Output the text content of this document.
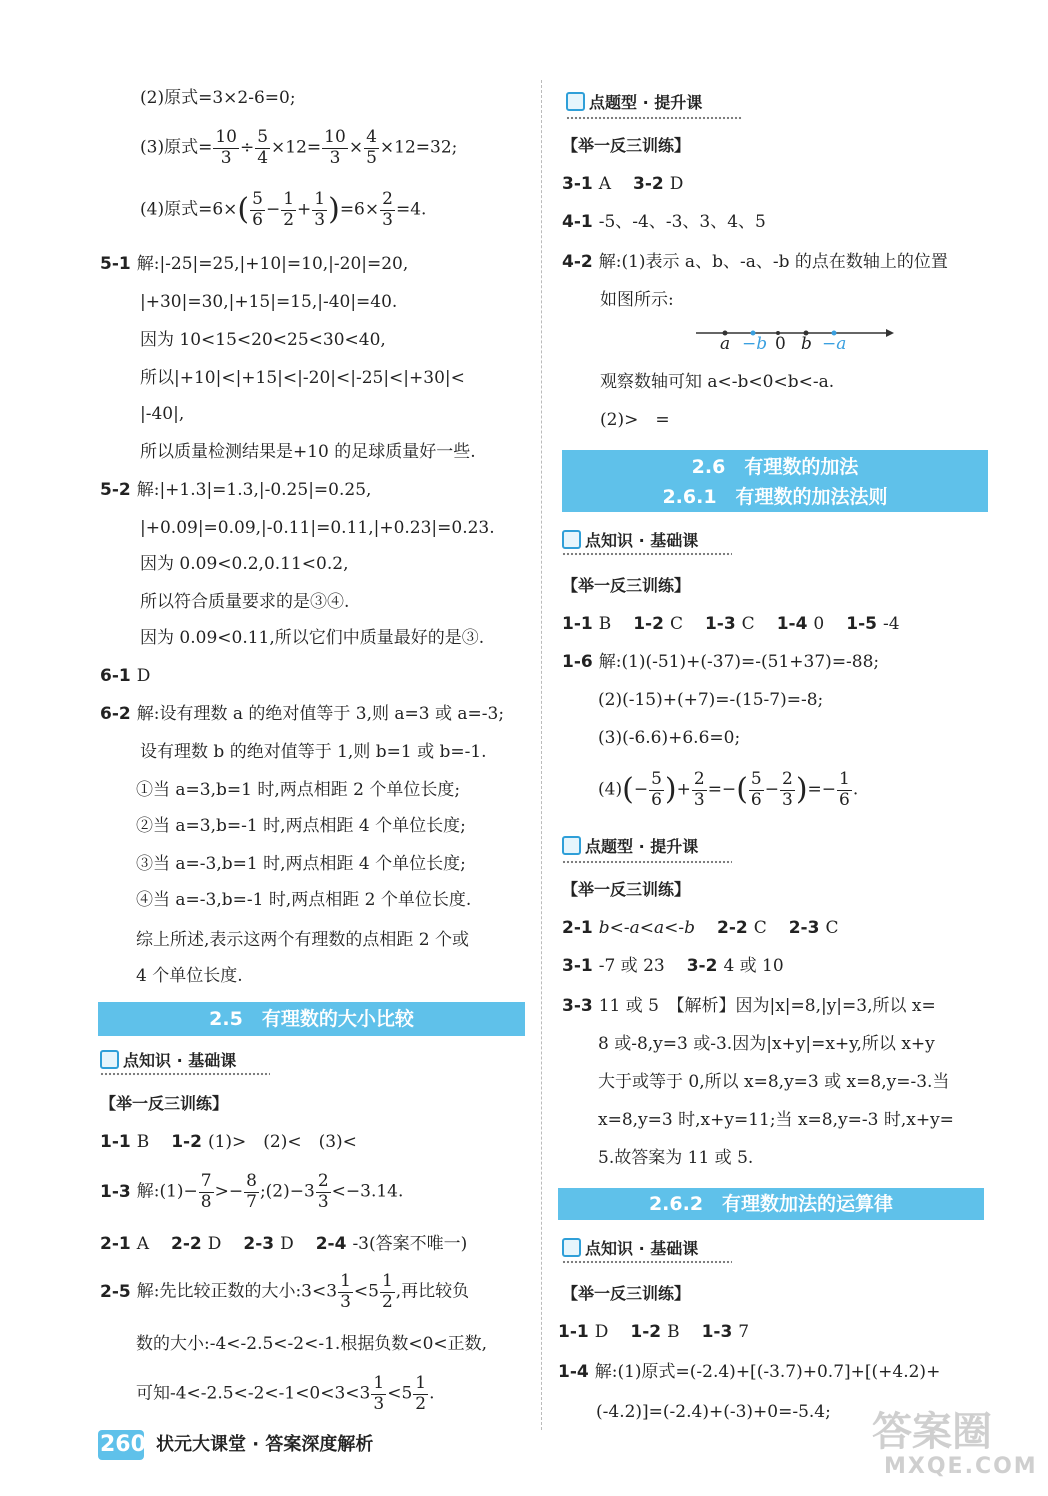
(2)原式=3×2-6=0;
(3)原式= $\frac{10}{3} \div \frac{5}{4} \times 12= \frac{10}{3} \times \frac{4}{5} \times 12=32$;
(4)原式$=6\times( \frac{5}{6} - \frac{1}{2} + \frac{1}{3} )=6\times \frac{2}{3} =4$.
5-1 解:|-25|=25,|+10|=10,|-20|=20,
|+30|=30,|+15|=15,|-40|=40.
因为 10<15<20<25<30<40,
所以|+10|<|+15|<|-20|<|-25|<|+30|<
|-40|,
所以质量检测结果是+10 的足球质量好一些.
5-2 解:|+1.3|=1.3,|-0.25|=0.25,
|+0.09|=0.09,|-0.11|=0.11,|+0.23|=0.23.
因为 0.09<0.2,0.11<0.2,
所以符合质量要求的是③④.
因为 0.09<0.11,所以它们中质量最好的是③.
6-1 D
6-2 解:设有理数 a 的绝对值等于 3,则 a=3 或 a=-3;
设有理数 b 的绝对值等于 1,则 b=1 或 b=-1.
①当 a=3,b=1 时,两点相距 2 个单位长度;
②当 a=3,b=-1 时,两点相距 4 个单位长度;
③当 a=-3,b=1 时,两点相距 4 个单位长度;
④当 a=-3,b=-1 时,两点相距 2 个单位长度.
综上所述,表示这两个有理数的点相距 2 个或
4 个单位长度.
2.5　有理数的大小比较
点知识 · 基础课
【举一反三训练】
1-1 B 1-2 (1)>　(2)<　(3)<
1-3 解:(1)− $\frac{7}{8} >- \frac{8}{7}$ ;(2)−3 $\frac{2}{3} <-3.14$.
2-1 A 2-2 D 2-3 D 2-4 -3(答案不唯一)
2-5 解:先比较正数的大小:3<3 $\frac{1}{3} <5 \frac{1}{2}$ ,再比较负
数的大小:-4<-2.5<-2<-1.根据负数<0<正数,
可知$-4<-2.5<-2<-1<0<3<3 \frac{1}{3} <5 \frac{1}{2}$ .
点题型 · 提升课
【举一反三训练】
3-1 A 3-2 D
4-1 -5、-4、-3、3、4、5
4-2 解:(1)表示 a、b、-a、-b 的点在数轴上的位置
如图所示:
a −b 0 b −a
观察数轴可知 a<-b<0<b<-a.
(2)>　=
2.6　有理数的加法
2.6.1　有理数的加法法则
点知识 · 基础课
【举一反三训练】
1-1 B 1-2 C 1-3 C 1-4 0 1-5 -4
1-6 解:(1)(-51)+(-37)=-(51+37)=-88;
(2)(-15)+(+7)=-(15-7)=-8;
(3)(-6.6)+6.6=0;
$(4)(- \frac{5}{6}$ )+ $\frac{2}{3}$ =−( $\frac{5}{6} - \frac{2}{3}$ )=− $\frac{1}{6}$ .
点题型 · 提升课
【举一反三训练】
2-1 b<-a<a<-b 2-2 C 2-3 C
3-1 -7 或 23 3-2 4 或 10
3-3 11 或 5　【解析】因为|x|=8,|y|=3,所以 x=
8 或-8,y=3 或-3.因为|x+y|=x+y,所以 x+y
大于或等于 0,所以 x=8,y=3 或 x=8,y=-3.当
x=8,y=3 时,x+y=11;当 x=8,y=-3 时,x+y=
5.故答案为 11 或 5.
2.6.2　有理数加法的运算律
点知识 · 基础课
【举一反三训练】
1-1 D 1-2 B 1-3 7
1-4 解:(1)原式=(-2.4)+[(-3.7)+0.7]+[(+4.2)+
(-4.2)]=(-2.4)+(-3)+0=-5.4;
260 状元大课堂 · 答案深度解析	答案圈
MXQE.COM
